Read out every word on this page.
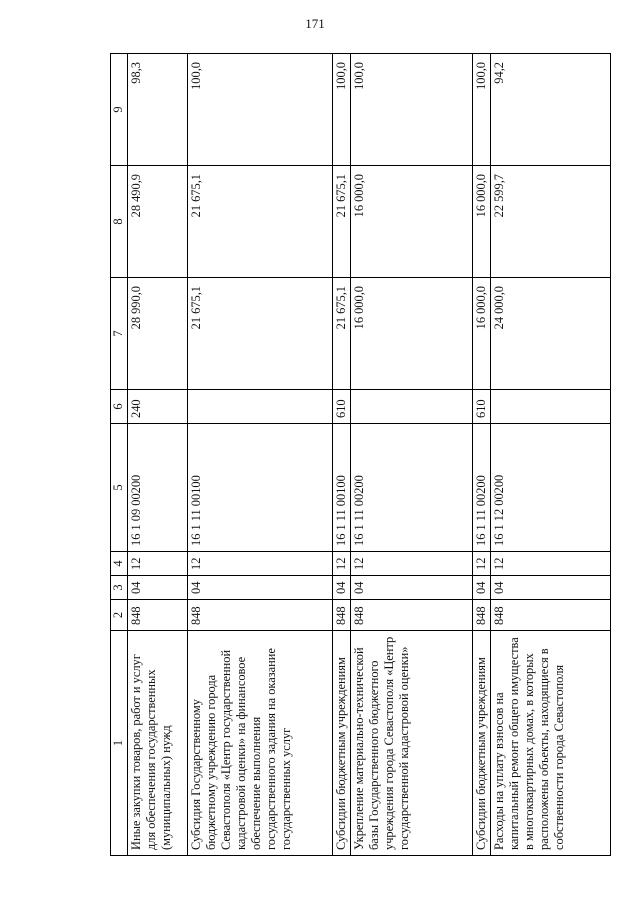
171
1	2	3	4	5	6	7	8	9
Иные закупки товаров, работ и услуг для обеспечения государственных (муниципальных) нужд	848	04	12	16 1 09 00200	240	28 990,0	28 490,9	98,3
Субсидия Государственному бюджетному учреждению города Севастополя «Центр государственной кадастровой оценки» на финансовое обеспечение выполнения государственного задания на оказание государственных услуг	848	04	12	16 1 11 00100		21 675,1	21 675,1	100,0
Субсидии бюджетным учреждениям	848	04	12	16 1 11 00100	610	21 675,1	21 675,1	100,0
Укрепление материально-технической базы Государственного бюджетного учреждения города Севастополя «Центр государственной кадастровой оценки»	848	04	12	16 1 11 00200		16 000,0	16 000,0	100,0
Субсидии бюджетным учреждениям	848	04	12	16 1 11 00200	610	16 000,0	16 000,0	100,0
Расходы на уплату взносов на капитальный ремонт общего имущества в многоквартирных домах, в которых расположены объекты, находящиеся в собственности города Севастополя	848	04	12	16 1 12 00200		24 000,0	22 599,7	94,2
